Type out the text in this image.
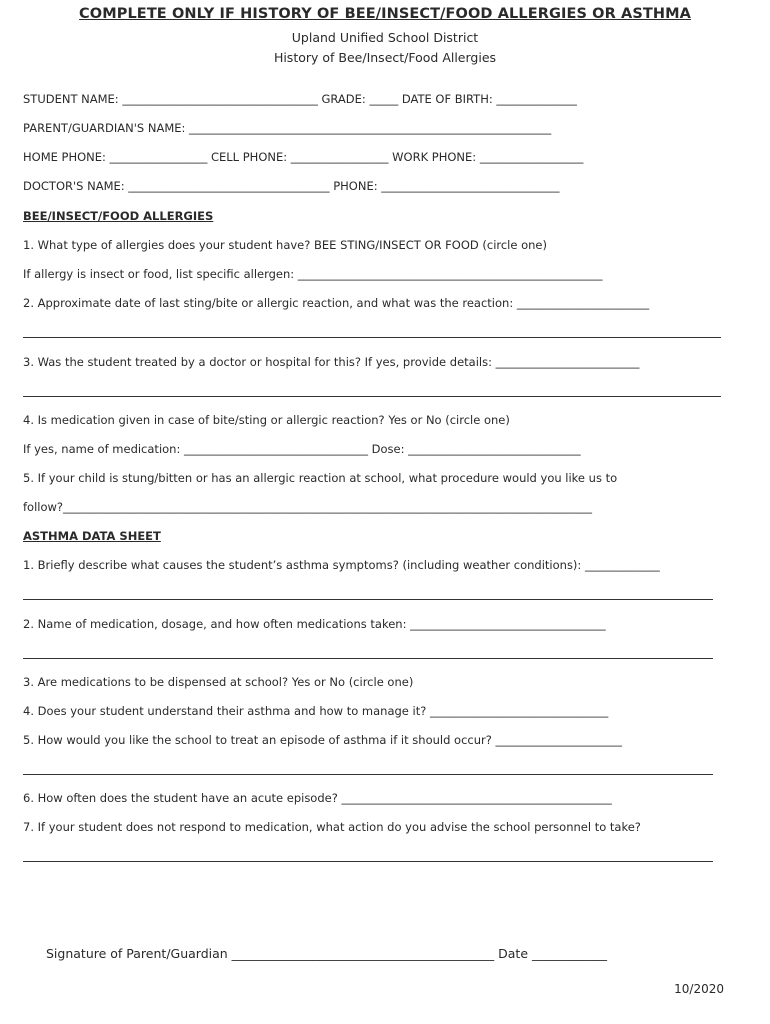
COMPLETE ONLY IF HISTORY OF BEE/INSECT/FOOD ALLERGIES OR ASTHMA
Upland Unified School District
History of Bee/Insect/Food Allergies
STUDENT NAME: __________________________________ GRADE: _____ DATE OF BIRTH: ______________
PARENT/GUARDIAN'S NAME: _______________________________________________________________
HOME PHONE: _________________ CELL PHONE: _________________ WORK PHONE: __________________
DOCTOR'S NAME: ___________________________________ PHONE: _______________________________
BEE/INSECT/FOOD ALLERGIES
1. What type of allergies does your student have? BEE STING/INSECT OR FOOD (circle one)
If allergy is insect or food, list specific allergen: _____________________________________________________
2. Approximate date of last sting/bite or allergic reaction, and what was the reaction: _______________________
3. Was the student treated by a doctor or hospital for this? If yes, provide details: _________________________
4. Is medication given in case of bite/sting or allergic reaction? Yes or No (circle one)
If yes, name of medication: ________________________________ Dose: ______________________________
5. If your child is stung/bitten or has an allergic reaction at school, what procedure would you like us to
follow?____________________________________________________________________________________________
ASTHMA DATA SHEET
1. Briefly describe what causes the student’s asthma symptoms? (including weather conditions): _____________
2. Name of medication, dosage, and how often medications taken: __________________________________
3. Are medications to be dispensed at school? Yes or No (circle one)
4. Does your student understand their asthma and how to manage it? _______________________________
5. How would you like the school to treat an episode of asthma if it should occur? ______________________
6. How often does the student have an acute episode? _______________________________________________
7. If your student does not respond to medication, what action do you advise the school personnel to take?
Signature of Parent/Guardian __________________________________________ Date ____________
10/2020
